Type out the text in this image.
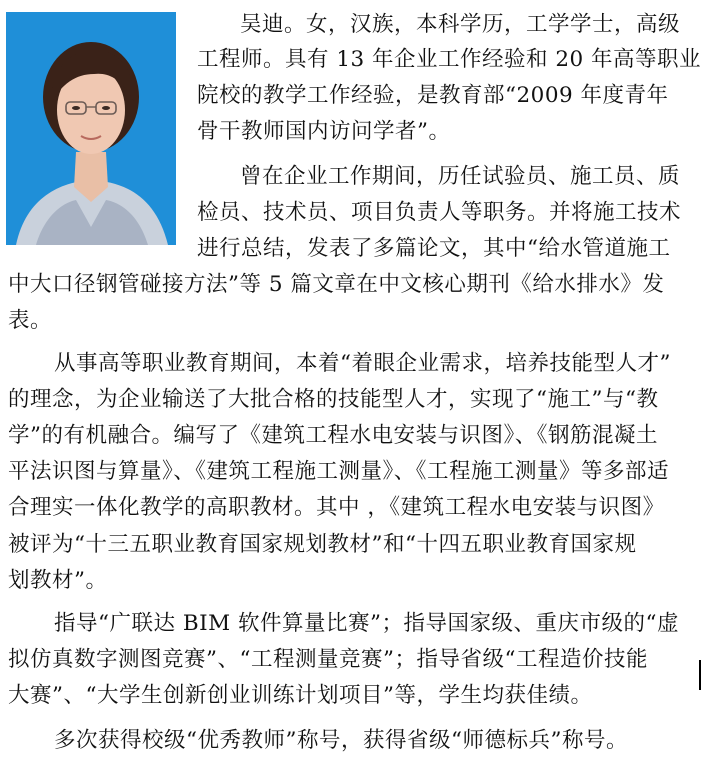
吴迪。女，汉族，本科学历，工学学士，高级
工程师。具有 13 年企业工作经验和 20 年高等职业
院校的教学工作经验，是教育部“2009 年度青年
骨干教师国内访问学者”。
曾在企业工作期间，历任试验员、施工员、质
检员、技术员、项目负责人等职务。并将施工技术
进行总结，发表了多篇论文，其中“给水管道施工
中大口径钢管碰接方法”等 5 篇文章在中文核心期刊《给水排水》发
表。
从事高等职业教育期间，本着“着眼企业需求，培养技能型人才”
的理念，为企业输送了大批合格的技能型人才，实现了“施工”与“教
学”的有机融合。编写了《建筑工程水电安装与识图》、《钢筋混凝土
平法识图与算量》、《建筑工程施工测量》、《工程施工测量》等多部适
合理实一体化教学的高职教材。其中 ，《建筑工程水电安装与识图》
被评为“十三五职业教育国家规划教材”和“十四五职业教育国家规
划教材”。
指导“广联达 BIM 软件算量比赛”；指导国家级、重庆市级的“虚
拟仿真数字测图竞赛”、“工程测量竞赛”；指导省级“工程造价技能
大赛”、“大学生创新创业训练计划项目”等，学生均获佳绩。
多次获得校级“优秀教师”称号，获得省级“师德标兵”称号。
